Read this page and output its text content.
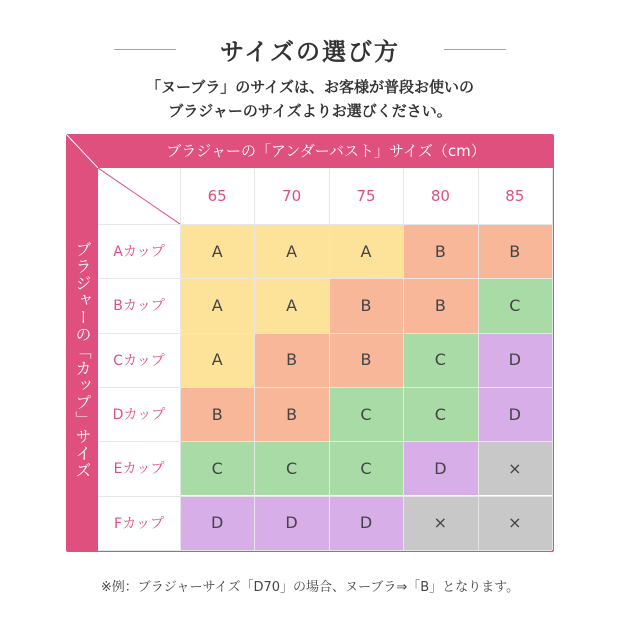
サイズの選び方
「ヌーブラ」のサイズは、お客様が普段お使いの
ブラジャーのサイズよりお選びください。
ブラジャーの「アンダーバスト」サイズ（cm）
ブラジャーの「カップ」サイズ
65	70	75	80	85
Aカップ	A	A	A	B	B
Bカップ	A	A	B	B	C
Cカップ	A	B	B	C	D
Dカップ	B	B	C	C	D
Eカップ	C	C	C	D	×
Fカップ	D	D	D	×	×
※例：ブラジャーサイズ「D70」の場合、ヌーブラ⇒「B」となります。
